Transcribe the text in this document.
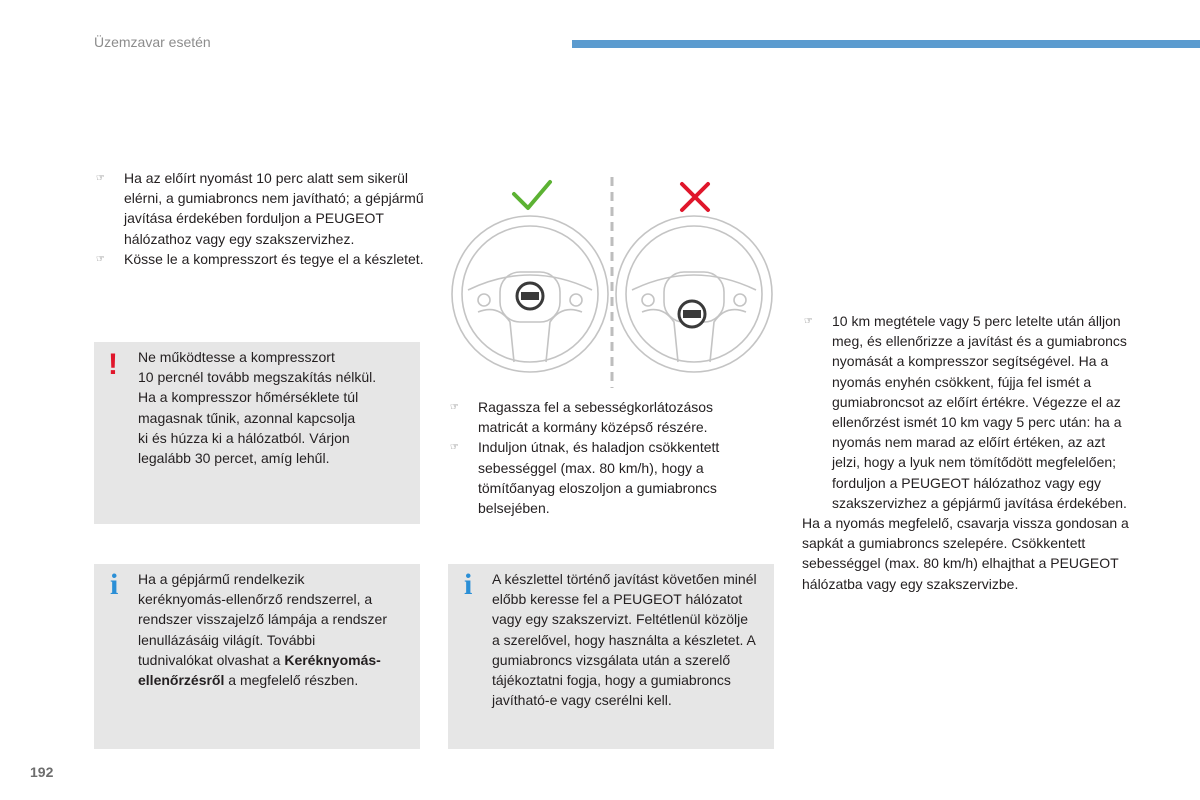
Üzemzavar esetén
☞ Ha az előírt nyomást 10 perc alatt sem sikerül elérni, a gumiabroncs nem javítható; a gépjármű javítása érdekében forduljon a PEUGEOT hálózathoz vagy egy szakszervizhez.
☞ Kösse le a kompresszort és tegye el a készletet.
! Ne működtesse a kompresszort
10 percnél tovább megszakítás nélkül.
Ha a kompresszor hőmérséklete túl
magasnak tűnik, azonnal kapcsolja
ki és húzza ki a hálózatból. Várjon
legalább 30 percet, amíg lehűl.
i Ha a gépjármű rendelkezik keréknyomás-ellenőrző rendszerrel, a rendszer visszajelző lámpája a rendszer lenullázásáig világít. További tudnivalókat olvashat a Keréknyomás-ellenőrzésről a megfelelő részben.
☞ Ragassza fel a sebességkorlátozásos matricát a kormány középső részére.
☞ Induljon útnak, és haladjon csökkentett sebességgel (max. 80 km/h), hogy a tömítőanyag eloszoljon a gumiabroncs belsejében.
i A készlettel történő javítást követően minél előbb keresse fel a PEUGEOT hálózatot vagy egy szakszervizt. Feltétlenül közölje a szerelővel, hogy használta a készletet. A gumiabroncs vizsgálata után a szerelő tájékoztatni fogja, hogy a gumiabroncs javítható-e vagy cserélni kell.
☞ 10 km megtétele vagy 5 perc letelte után álljon meg, és ellenőrizze a javítást és a gumiabroncs nyomását a kompresszor segítségével. Ha a nyomás enyhén csökkent, fújja fel ismét a gumiabroncsot az előírt értékre. Végezze el az ellenőrzést ismét 10 km vagy 5 perc után: ha a nyomás nem marad az előírt értéken, az azt jelzi, hogy a lyuk nem tömítődött megfelelően; forduljon a PEUGEOT hálózathoz vagy egy szakszervizhez a gépjármű javítása érdekében.

Ha a nyomás megfelelő, csavarja vissza gondosan a sapkát a gumiabroncs szelepére. Csökkentett sebességgel (max. 80 km/h) elhajthat a PEUGEOT hálózatba vagy egy szakszervizbe.

192
